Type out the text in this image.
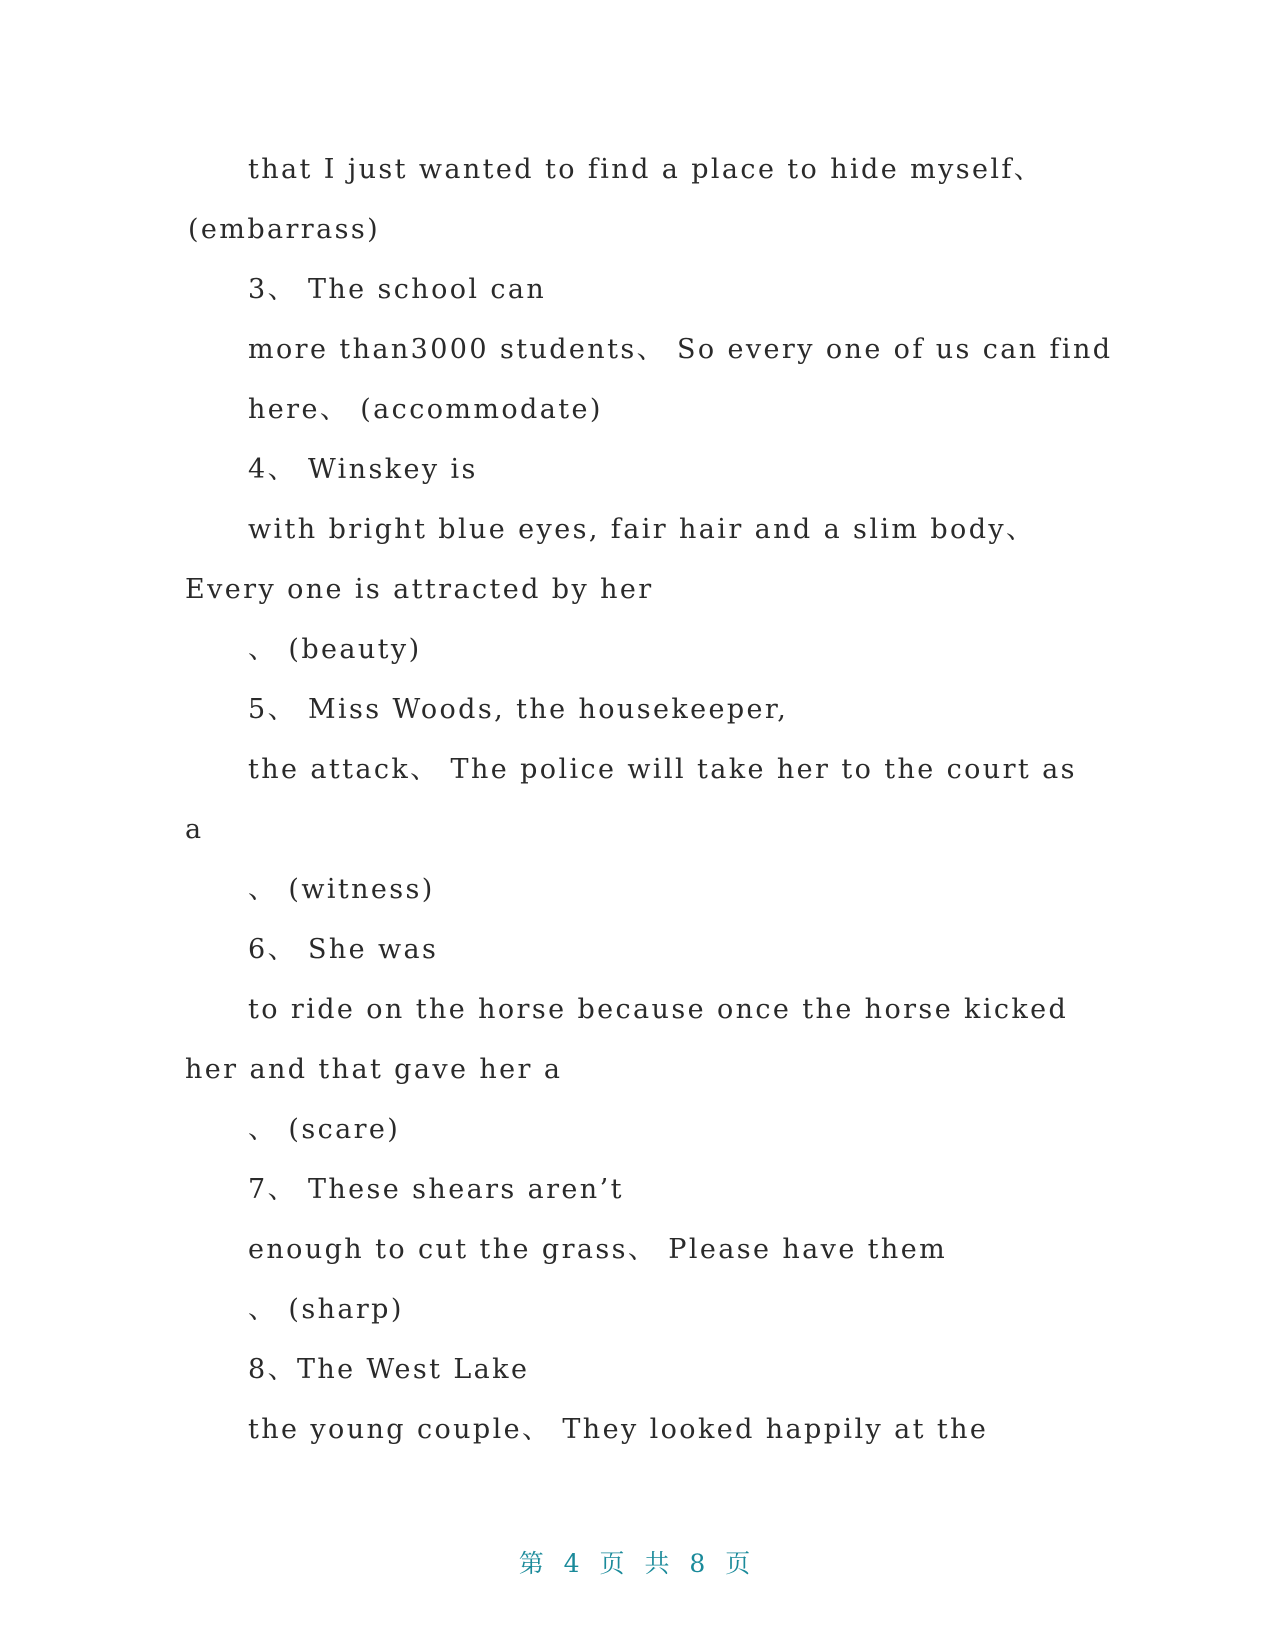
that I just wanted to find a place to hide myself、
(embarrass)
3、 The school can
more than3000 students、 So every one of us can find
here、 (accommodate)
4、 Winskey is
with bright blue eyes, fair hair and a slim body、
Every one is attracted by her
、 (beauty)
5、 Miss Woods, the housekeeper,
the attack、 The police will take her to the court as
a
、 (witness)
6、 She was
to ride on the horse because once the horse kicked
her and that gave her a
、 (scare)
7、 These shears aren’t
enough to cut the grass、 Please have them
、 (sharp)
8、The West Lake
the young couple、 They looked happily at the
第 4 页 共 8 页
